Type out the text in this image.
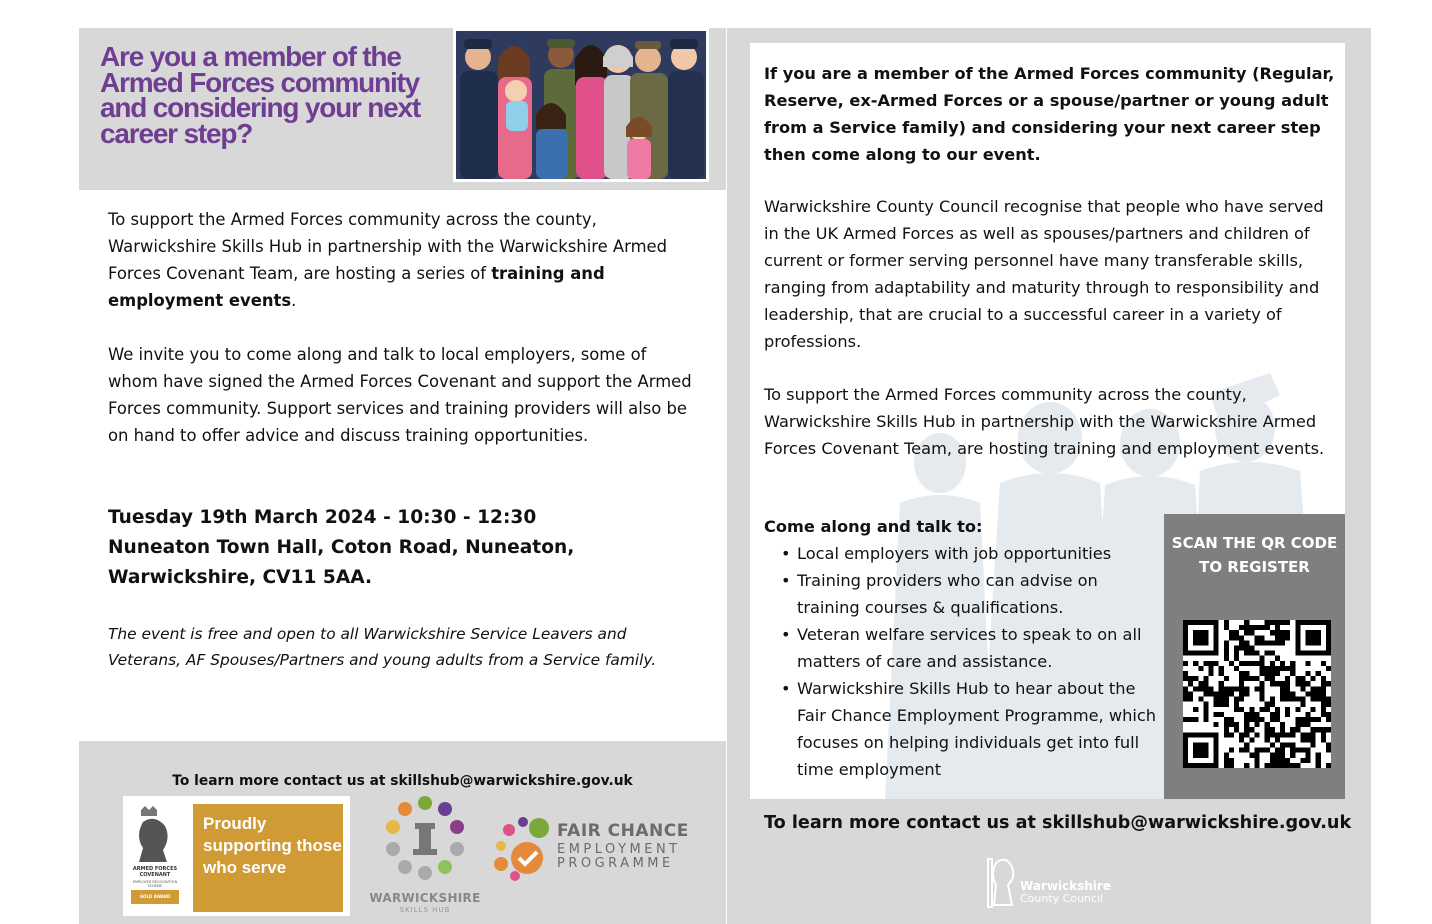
Are you a member of the Armed Forces community and considering your next career step?

To support the Armed Forces community across the county, Warwickshire Skills Hub in partnership with the Warwickshire Armed Forces Covenant Team, are hosting a series of training and employment events.

We invite you to come along and talk to local employers, some of whom have signed the Armed Forces Covenant and support the Armed Forces community. Support services and training providers will also be on hand to offer advice and discuss training opportunities.

Tuesday 19th March 2024 - 10:30 - 12:30
Nuneaton Town Hall, Coton Road, Nuneaton,
Warwickshire, CV11 5AA.
The event is free and open to all Warwickshire Service Leavers and Veterans, AF Spouses/Partners and young adults from a Service family.
To learn more contact us at skillshub@warwickshire.gov.uk
ARMED FORCES COVENANT
EMPLOYER RECOGNITION SCHEME
GOLD AWARD
Proudly supporting those who serve
WARWICKSHIRE
SKILLS HUB
FAIR CHANCE
EMPLOYMENT PROGRAMME
If you are a member of the Armed Forces community (Regular, Reserve, ex-Armed Forces or a spouse/partner or young adult from a Service family) and considering your next career step then come along to our event.
Warwickshire County Council recognise that people who have served in the UK Armed Forces as well as spouses/partners and children of current or former serving personnel have many transferable skills, ranging from adaptability and maturity through to responsibility and leadership, that are crucial to a successful career in a variety of professions.
To support the Armed Forces community across the county, Warwickshire Skills Hub in partnership with the Warwickshire Armed Forces Covenant Team, are hosting training and employment events.
Come along and talk to:
• Local employers with job opportunities
• Training providers who can advise on training courses & qualifications.
• Veteran welfare services to speak to on all matters of care and assistance.
• Warwickshire Skills Hub to hear about the Fair Chance Employment Programme, which focuses on helping individuals get into full time employment
SCAN THE QR CODE TO REGISTER
To learn more contact us at skillshub@warwickshire.gov.uk
Warwickshire
County Council
